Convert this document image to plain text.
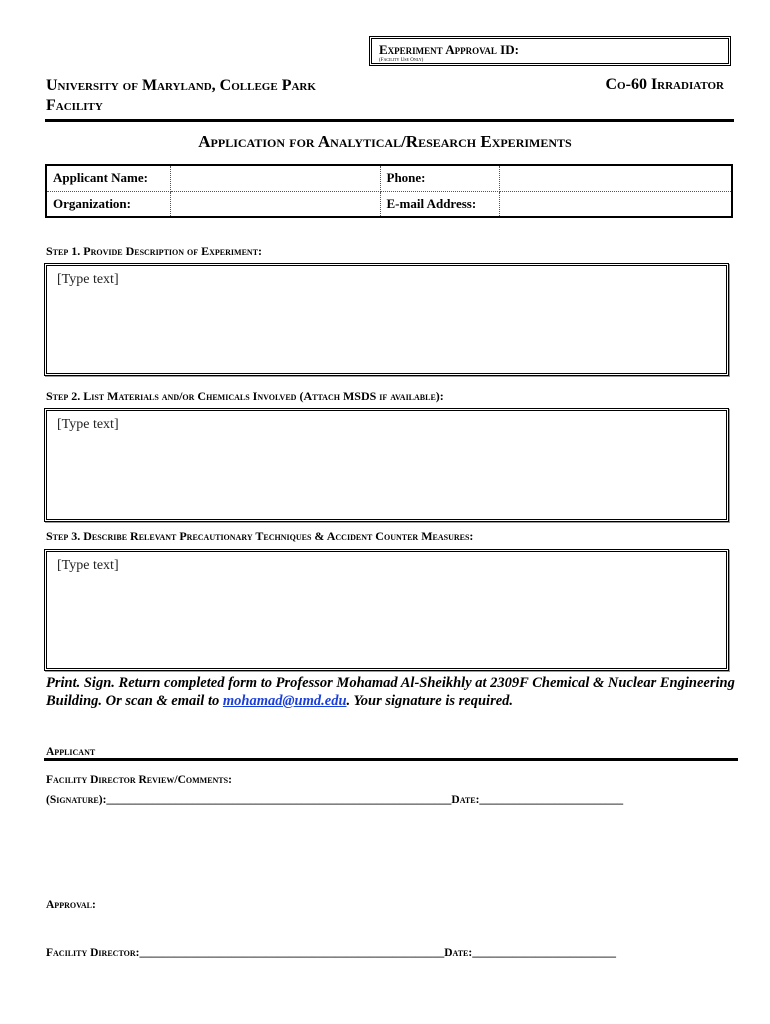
Experiment Approval ID:
(Facility Use Only)
University of Maryland, College Park
Facility
Co-60 Irradiator
Application for Analytical/Research Experiments
Applicant Name:		Phone:	
Organization:		E-mail Address:	
Step 1. Provide Description of Experiment:
[Type text]
Step 2. List Materials and/or Chemicals Involved (Attach MSDS if available):
[Type text]
Step 3. Describe Relevant Precautionary Techniques & Accident Counter Measures:
[Type text]
Print. Sign. Return completed form to Professor Mohamad Al-Sheikhly at 2309F Chemical & Nuclear Engineering Building. Or scan & email to mohamad@umd.edu. Your signature is required.

Applicant

(Signature):____________________________________________________________Date:_________________________

Facility Director Review/Comments:

Approval:

Facility Director:_____________________________________________________Date:_________________________
